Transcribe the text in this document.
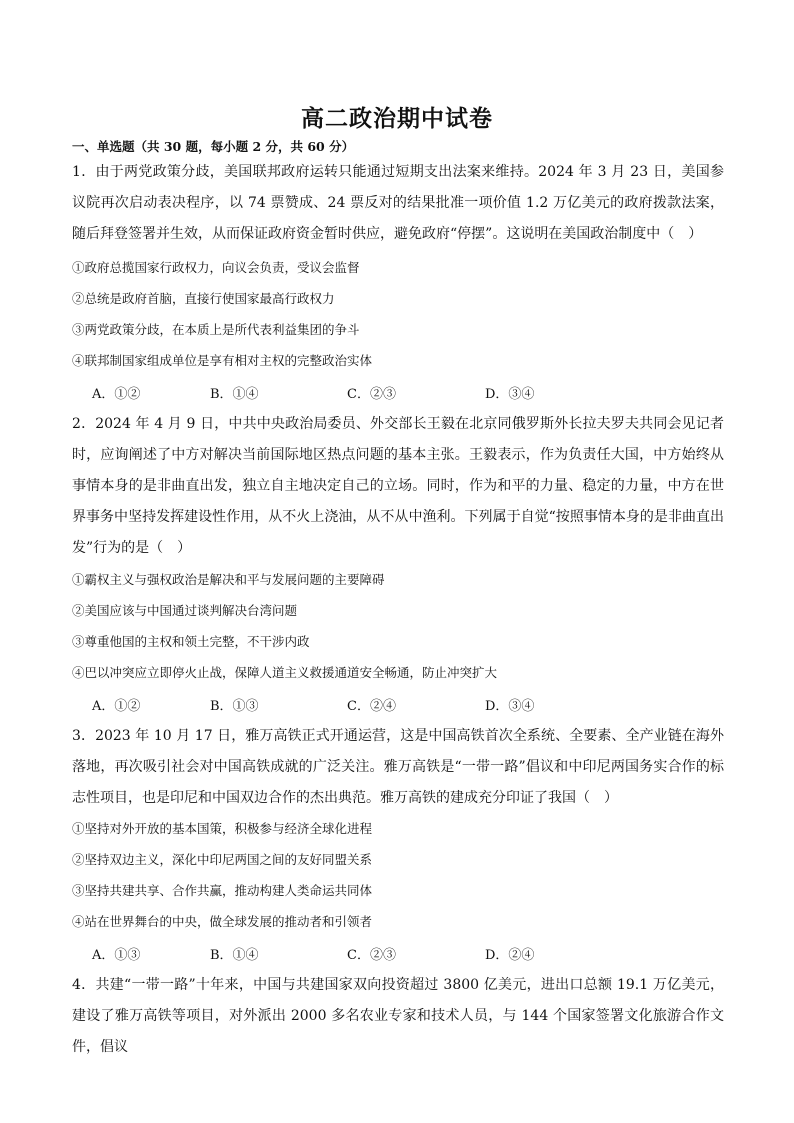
高二政治期中试卷
一、单选题（共 30 题，每小题 2 分，共 60 分）
1．由于两党政策分歧，美国联邦政府运转只能通过短期支出法案来维持。2024 年 3 月 23 日，美国参议院再次启动表决程序，以 74 票赞成、24 票反对的结果批准一项价值 1.2 万亿美元的政府拨款法案，随后拜登签署并生效，从而保证政府资金暂时供应，避免政府“停摆”。这说明在美国政治制度中（　）
①政府总揽国家行政权力，向议会负责，受议会监督
②总统是政府首脑，直接行使国家最高行政权力
③两党政策分歧，在本质上是所代表利益集团的争斗
④联邦制国家组成单位是享有相对主权的完整政治实体
A．①②	B．①④	C．②③	D．③④
2．2024 年 4 月 9 日，中共中央政治局委员、外交部长王毅在北京同俄罗斯外长拉夫罗夫共同会见记者时，应询阐述了中方对解决当前国际地区热点问题的基本主张。王毅表示，作为负责任大国，中方始终从事情本身的是非曲直出发，独立自主地决定自己的立场。同时，作为和平的力量、稳定的力量，中方在世界事务中坚持发挥建设性作用，从不火上浇油，从不从中渔利。下列属于自觉“按照事情本身的是非曲直出发”行为的是（　）
①霸权主义与强权政治是解决和平与发展问题的主要障碍
②美国应该与中国通过谈判解决台湾问题
③尊重他国的主权和领土完整，不干涉内政
④巴以冲突应立即停火止战，保障人道主义救援通道安全畅通，防止冲突扩大
A．①②	B．①③	C．②④	D．③④
3．2023 年 10 月 17 日，雅万高铁正式开通运营，这是中国高铁首次全系统、全要素、全产业链在海外落地，再次吸引社会对中国高铁成就的广泛关注。雅万高铁是“一带一路”倡议和中印尼两国务实合作的标志性项目，也是印尼和中国双边合作的杰出典范。雅万高铁的建成充分印证了我国（　）
①坚持对外开放的基本国策，积极参与经济全球化进程
②坚持双边主义，深化中印尼两国之间的友好同盟关系
③坚持共建共享、合作共赢，推动构建人类命运共同体
④站在世界舞台的中央，做全球发展的推动者和引领者
A．①③	B．①④	C．②③	D．②④
4．共建“一带一路”十年来，中国与共建国家双向投资超过 3800 亿美元，进出口总额 19.1 万亿美元，建设了雅万高铁等项目，对外派出 2000 多名农业专家和技术人员，与 144 个国家签署文化旅游合作文件，倡议
